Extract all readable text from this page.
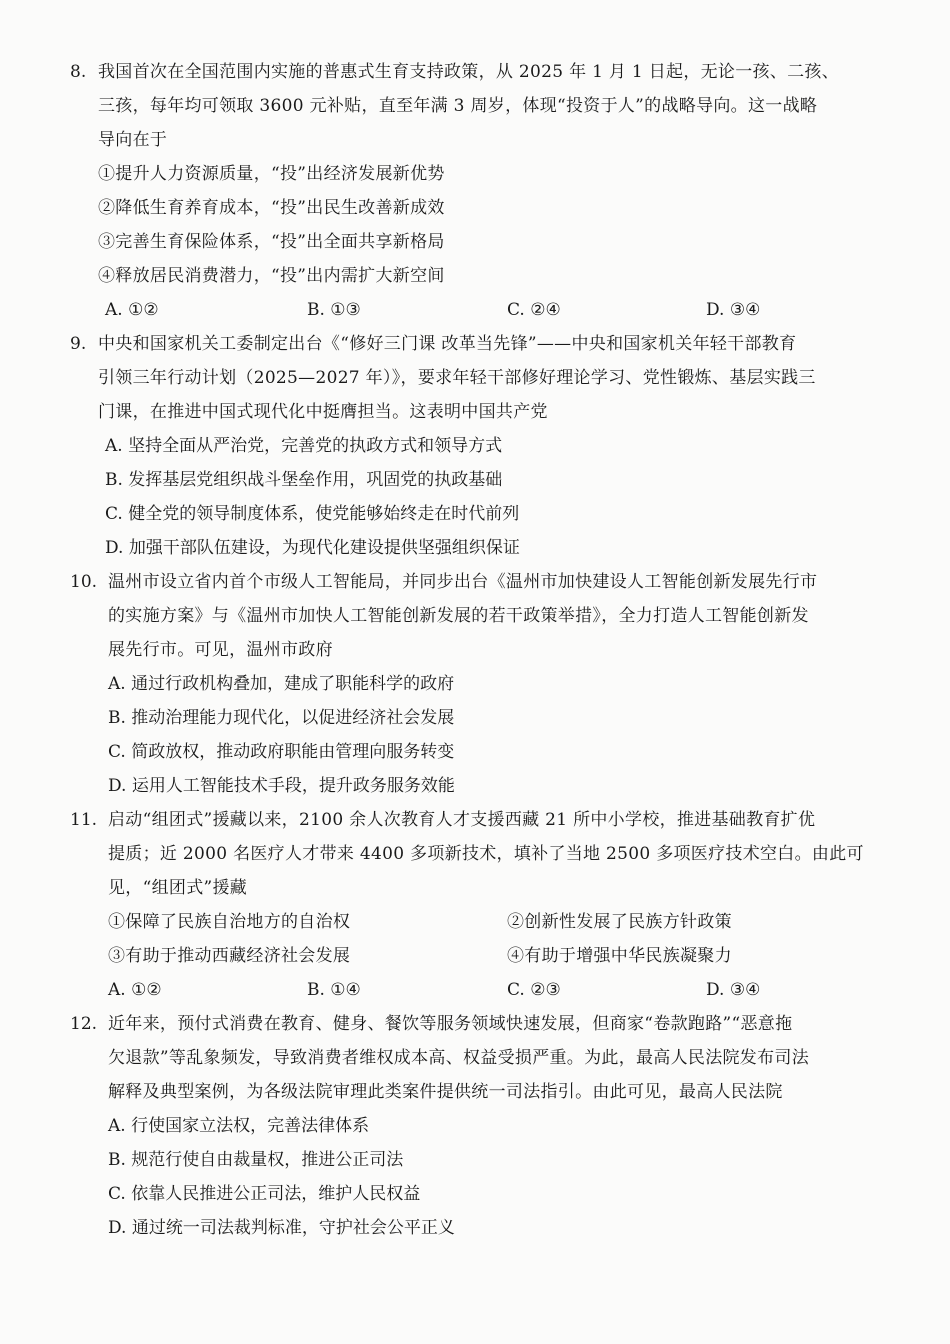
8. 我国首次在全国范围内实施的普惠式生育支持政策，从 2025 年 1 月 1 日起，无论一孩、二孩、
三孩，每年均可领取 3600 元补贴，直至年满 3 周岁，体现“投资于人”的战略导向。这一战略
导向在于
①提升人力资源质量，“投”出经济发展新优势
②降低生育养育成本，“投”出民生改善新成效
③完善生育保险体系，“投”出全面共享新格局
④释放居民消费潜力，“投”出内需扩大新空间
A. ①②	B. ①③	C. ②④	D. ③④
9. 中央和国家机关工委制定出台《“修好三门课 改革当先锋”——中央和国家机关年轻干部教育
引领三年行动计划（2025—2027 年）》，要求年轻干部修好理论学习、党性锻炼、基层实践三
门课，在推进中国式现代化中挺膺担当。这表明中国共产党
A. 坚持全面从严治党，完善党的执政方式和领导方式
B. 发挥基层党组织战斗堡垒作用，巩固党的执政基础
C. 健全党的领导制度体系，使党能够始终走在时代前列
D. 加强干部队伍建设，为现代化建设提供坚强组织保证
10. 温州市设立省内首个市级人工智能局，并同步出台《温州市加快建设人工智能创新发展先行市
的实施方案》与《温州市加快人工智能创新发展的若干政策举措》，全力打造人工智能创新发
展先行市。可见，温州市政府
A. 通过行政机构叠加，建成了职能科学的政府
B. 推动治理能力现代化，以促进经济社会发展
C. 简政放权，推动政府职能由管理向服务转变
D. 运用人工智能技术手段，提升政务服务效能
11. 启动“组团式”援藏以来，2100 余人次教育人才支援西藏 21 所中小学校，推进基础教育扩优
提质；近 2000 名医疗人才带来 4400 多项新技术，填补了当地 2500 多项医疗技术空白。由此可
见，“组团式”援藏
①保障了民族自治地方的自治权	②创新性发展了民族方针政策
③有助于推动西藏经济社会发展	④有助于增强中华民族凝聚力
A. ①②	B. ①④	C. ②③	D. ③④
12. 近年来，预付式消费在教育、健身、餐饮等服务领域快速发展，但商家“卷款跑路”“恶意拖
欠退款”等乱象频发，导致消费者维权成本高、权益受损严重。为此，最高人民法院发布司法
解释及典型案例，为各级法院审理此类案件提供统一司法指引。由此可见，最高人民法院
A. 行使国家立法权，完善法律体系
B. 规范行使自由裁量权，推进公正司法
C. 依靠人民推进公正司法，维护人民权益
D. 通过统一司法裁判标准，守护社会公平正义
